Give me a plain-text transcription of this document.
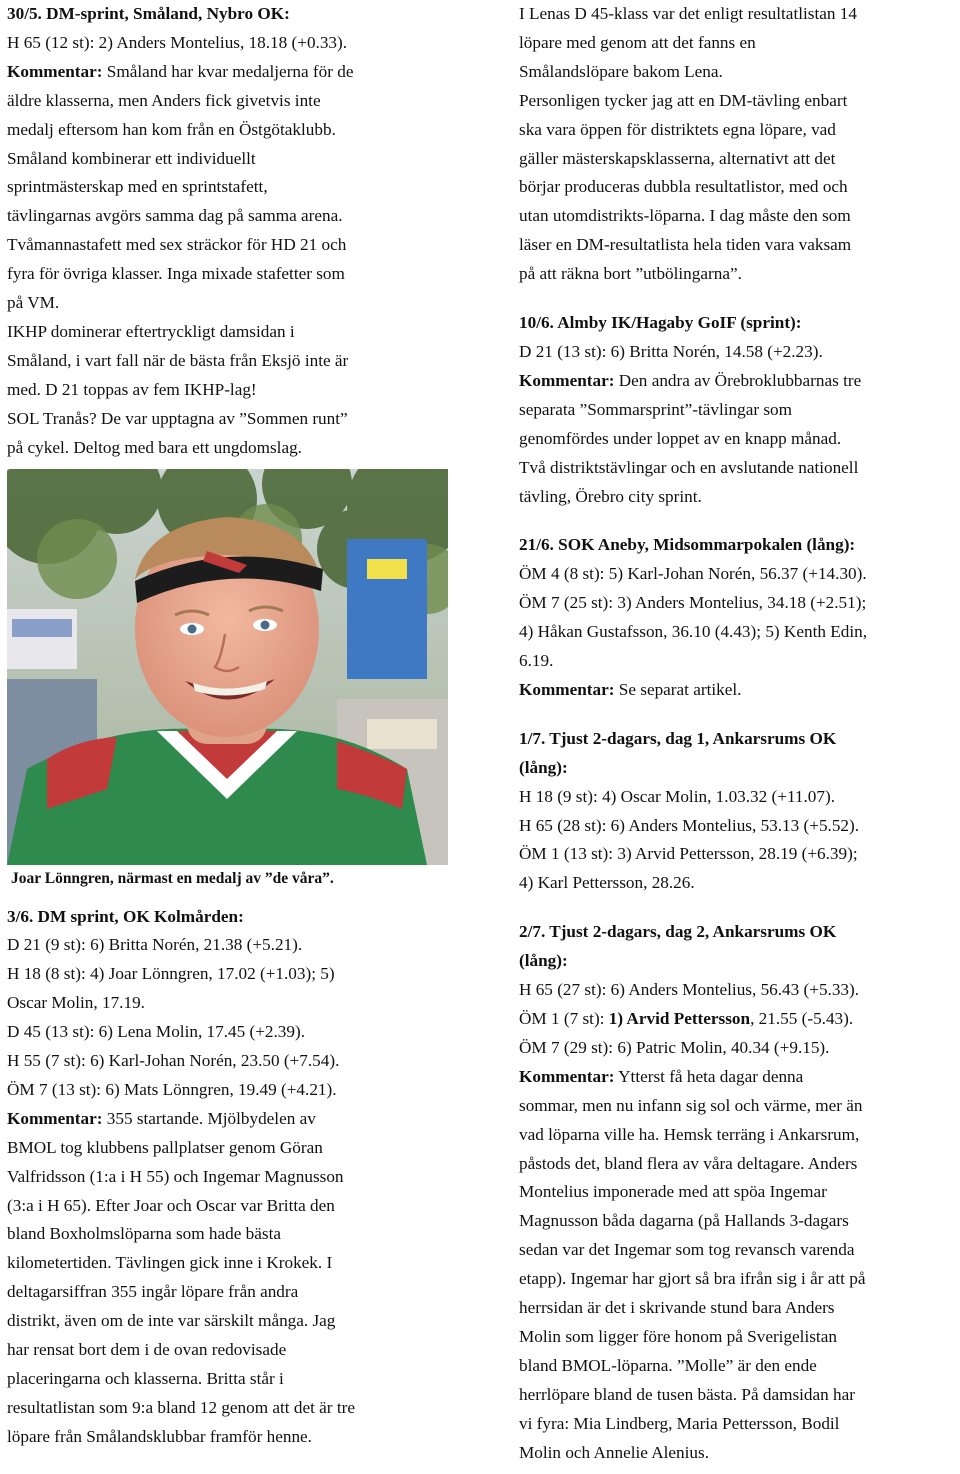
30/5. DM-sprint, Småland, Nybro OK:
H 65 (12 st): 2) Anders Montelius, 18.18 (+0.33).
Kommentar: Småland har kvar medaljerna för de
äldre klasserna, men Anders fick givetvis inte
medalj eftersom han kom från en Östgötaklubb.
Småland kombinerar ett individuellt
sprintmästerskap med en sprintstafett,
tävlingarnas avgörs samma dag på samma arena.
Tvåmannastafett med sex sträckor för HD 21 och
fyra för övriga klasser. Inga mixade stafetter som
på VM.
IKHP dominerar eftertryckligt damsidan i
Småland, i vart fall när de bästa från Eksjö inte är
med. D 21 toppas av fem IKHP-lag!
SOL Tranås? De var upptagna av ”Sommen runt”
på cykel. Deltog med bara ett ungdomslag.
Joar Lönngren, närmast en medalj av ”de våra”.
3/6. DM sprint, OK Kolmården:
D 21 (9 st): 6) Britta Norén, 21.38 (+5.21).
H 18 (8 st): 4) Joar Lönngren, 17.02 (+1.03); 5)
Oscar Molin, 17.19.
D 45 (13 st): 6) Lena Molin, 17.45 (+2.39).
H 55 (7 st): 6) Karl-Johan Norén, 23.50 (+7.54).
ÖM 7 (13 st): 6) Mats Lönngren, 19.49 (+4.21).
Kommentar: 355 startande. Mjölbydelen av
BMOL tog klubbens pallplatser genom Göran
Valfridsson (1:a i H 55) och Ingemar Magnusson
(3:a i H 65). Efter Joar och Oscar var Britta den
bland Boxholmslöparna som hade bästa
kilometertiden. Tävlingen gick inne i Krokek. I
deltagarsiffran 355 ingår löpare från andra
distrikt, även om de inte var särskilt många. Jag
har rensat bort dem i de ovan redovisade
placeringarna och klasserna. Britta står i
resultatlistan som 9:a bland 12 genom att det är tre
löpare från Smålandsklubbar framför henne.
I Lenas D 45-klass var det enligt resultatlistan 14
löpare med genom att det fanns en
Smålandslöpare bakom Lena.
Personligen tycker jag att en DM-tävling enbart
ska vara öppen för distriktets egna löpare, vad
gäller mästerskapsklasserna, alternativt att det
börjar produceras dubbla resultatlistor, med och
utan utomdistrikts-löparna. I dag måste den som
läser en DM-resultatlista hela tiden vara vaksam
på att räkna bort ”utbölingarna”.
10/6. Almby IK/Hagaby GoIF (sprint):
D 21 (13 st): 6) Britta Norén, 14.58 (+2.23).
Kommentar: Den andra av Örebroklubbarnas tre
separata ”Sommarsprint”-tävlingar som
genomfördes under loppet av en knapp månad.
Två distriktstävlingar och en avslutande nationell
tävling, Örebro city sprint.
21/6. SOK Aneby, Midsommarpokalen (lång):
ÖM 4 (8 st): 5) Karl-Johan Norén, 56.37 (+14.30).
ÖM 7 (25 st): 3) Anders Montelius, 34.18 (+2.51);
4) Håkan Gustafsson, 36.10 (4.43); 5) Kenth Edin,
6.19.
Kommentar: Se separat artikel.
1/7. Tjust 2-dagars, dag 1, Ankarsrums OK
(lång):
H 18 (9 st): 4) Oscar Molin, 1.03.32 (+11.07).
H 65 (28 st): 6) Anders Montelius, 53.13 (+5.52).
ÖM 1 (13 st): 3) Arvid Pettersson, 28.19 (+6.39);
4) Karl Pettersson, 28.26.
2/7. Tjust 2-dagars, dag 2, Ankarsrums OK
(lång):
H 65 (27 st): 6) Anders Montelius, 56.43 (+5.33).
ÖM 1 (7 st): 1) Arvid Pettersson, 21.55 (-5.43).
ÖM 7 (29 st): 6) Patric Molin, 40.34 (+9.15).
Kommentar: Ytterst få heta dagar denna
sommar, men nu infann sig sol och värme, mer än
vad löparna ville ha. Hemsk terräng i Ankarsrum,
påstods det, bland flera av våra deltagare. Anders
Montelius imponerade med att spöa Ingemar
Magnusson båda dagarna (på Hallands 3-dagars
sedan var det Ingemar som tog revansch varenda
etapp). Ingemar har gjort så bra ifrån sig i år att på
herrsidan är det i skrivande stund bara Anders
Molin som ligger före honom på Sverigelistan
bland BMOL-löparna. ”Molle” är den ende
herrlöpare bland de tusen bästa. På damsidan har
vi fyra: Mia Lindberg, Maria Pettersson, Bodil
Molin och Annelie Alenius.
